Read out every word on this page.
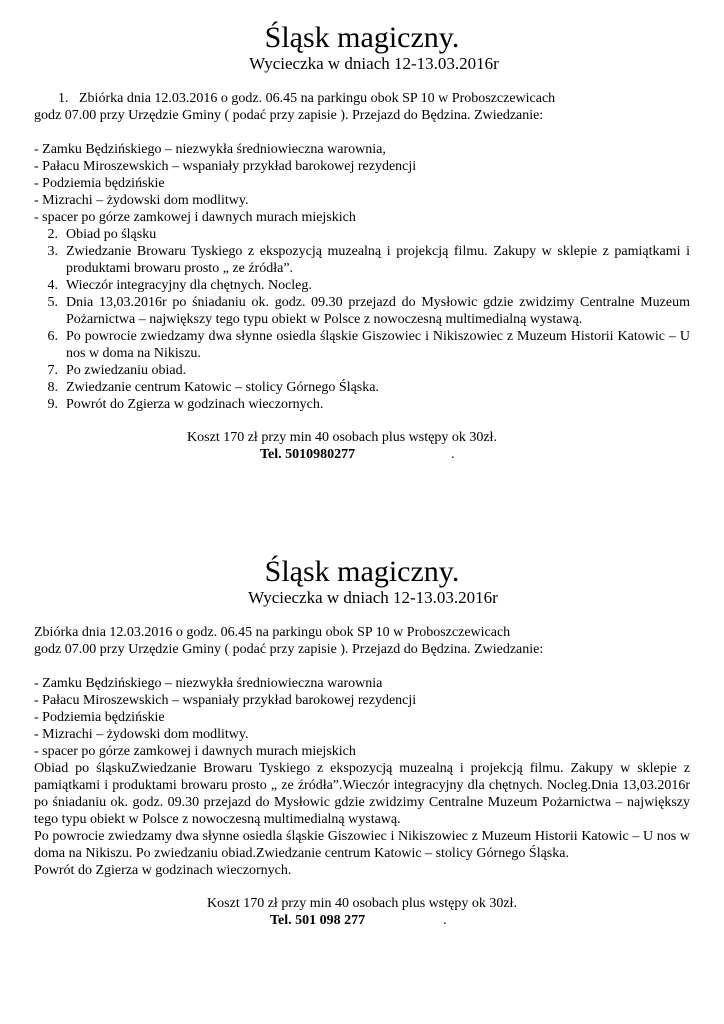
Śląsk magiczny.

Wycieczka w dniach 12-13.03.2016r

1. Zbiórka dnia 12.03.2016 o godz. 06.45 na parkingu obok SP 10 w Proboszczewicach

godz 07.00 przy Urzędzie Gminy ( podać przy zapisie ). Przejazd do Będzina. Zwiedzanie:

- Zamku Będzińskiego – niezwykła średniowieczna warownia,

- Pałacu Miroszewskich – wspaniały przykład barokowej rezydencji

- Podziemia będzińskie

- Mizrachi – żydowski dom modlitwy.

- spacer po górze zamkowej i dawnych murach miejskich

2. Obiad po śląsku
3. Zwiedzanie Browaru Tyskiego z ekspozycją muzealną i projekcją filmu. Zakupy w sklepie z pamiątkami i produktami browaru prosto „ ze źródła”.
4. Wieczór integracyjny dla chętnych. Nocleg.
5. Dnia 13,03.2016r po śniadaniu ok. godz. 09.30 przejazd do Mysłowic gdzie zwidzimy Centralne Muzeum Pożarnictwa – największy tego typu obiekt w Polsce z nowoczesną multimedialną wystawą.
6. Po powrocie zwiedzamy dwa słynne osiedla śląskie Giszowiec i Nikiszowiec z Muzeum Historii Katowic – U nos w doma na Nikiszu.
7. Po zwiedzaniu obiad.
8. Zwiedzanie centrum Katowic – stolicy Górnego Śląska.
9. Powrót do Zgierza w godzinach wieczornych.

Koszt 170 zł przy min 40 osobach plus wstępy ok 30zł.

Tel. 5010980277	.

Śląsk magiczny.

Wycieczka w dniach 12-13.03.2016r

Zbiórka dnia 12.03.2016 o godz. 06.45 na parkingu obok SP 10 w Proboszczewicach

godz 07.00 przy Urzędzie Gminy ( podać przy zapisie ). Przejazd do Będzina. Zwiedzanie:

- Zamku Będzińskiego – niezwykła średniowieczna warownia

- Pałacu Miroszewskich – wspaniały przykład barokowej rezydencji

- Podziemia będzińskie

- Mizrachi – żydowski dom modlitwy.

- spacer po górze zamkowej i dawnych murach miejskich

Obiad po śląskuZwiedzanie Browaru Tyskiego z ekspozycją muzealną i projekcją filmu. Zakupy w sklepie z pamiątkami i produktami browaru prosto „ ze źródła”.Wieczór integracyjny dla chętnych. Nocleg.Dnia 13,03.2016r po śniadaniu ok. godz. 09.30 przejazd do Mysłowic gdzie zwidzimy Centralne Muzeum Pożarnictwa – największy tego typu obiekt w Polsce z nowoczesną multimedialną wystawą.

Po powrocie zwiedzamy dwa słynne osiedla śląskie Giszowiec i Nikiszowiec z Muzeum Historii Katowic – U nos w doma na Nikiszu. Po zwiedzaniu obiad.Zwiedzanie centrum Katowic – stolicy Górnego Śląska.

Powrót do Zgierza w godzinach wieczornych.

Koszt 170 zł przy min 40 osobach plus wstępy ok 30zł.

Tel. 501 098 277	.
